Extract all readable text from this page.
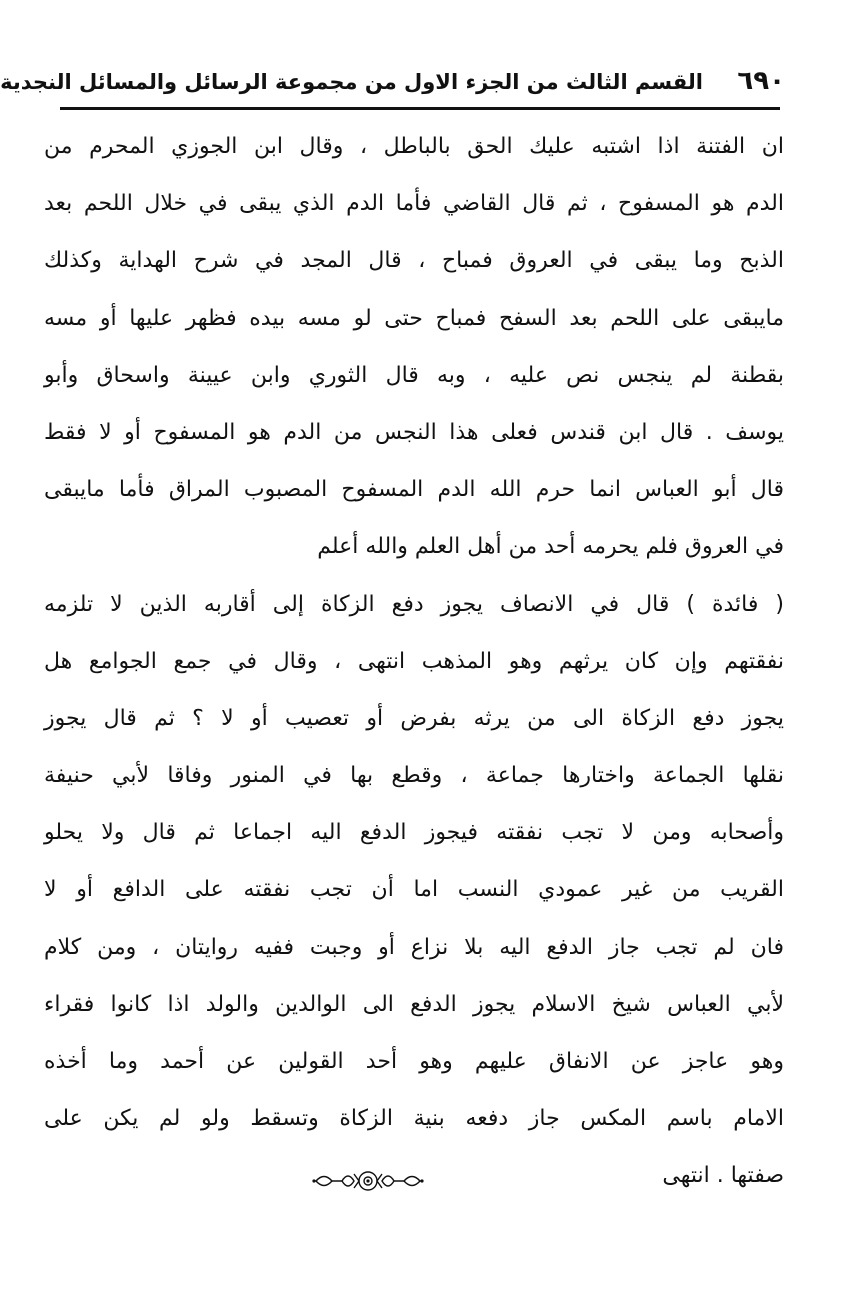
٦٩٠
القسم الثالث من الجزء الاول من مجموعة الرسائل والمسائل النجدية
ان الفتنة اذا اشتبه عليك الحق بالباطل ، وقال ابن الجوزي المحرم من
الدم هو المسفوح ، ثم قال القاضي فأما الدم الذي يبقى في خلال اللحم بعد
الذبح وما يبقى في العروق فمباح ، قال المجد في شرح الهداية وكذلك
مايبقى على اللحم بعد السفح فمباح حتى لو مسه بيده فظهر عليها أو مسه
بقطنة لم ينجس نص عليه ، وبه قال الثوري وابن عيينة واسحاق وأبو
يوسف . قال ابن قندس فعلى هذا النجس من الدم هو المسفوح أو لا فقط
قال أبو العباس انما حرم الله الدم المسفوح المصبوب المراق فأما مايبقى
في العروق فلم يحرمه أحد من أهل العلم والله أعلم
( فائدة ) قال في الانصاف يجوز دفع الزكاة إلى أقاربه الذين لا تلزمه
نفقتهم وإن كان يرثهم وهو المذهب انتهى ، وقال في جمع الجوامع هل
يجوز دفع الزكاة الى من يرثه بفرض أو تعصيب أو لا ؟ ثم قال يجوز
نقلها الجماعة واختارها جماعة ، وقطع بها في المنور وفاقا لأبي حنيفة
وأصحابه ومن لا تجب نفقته فيجوز الدفع اليه اجماعا ثم قال ولا يحلو
القريب من غير عمودي النسب اما أن تجب نفقته على الدافع أو لا
فان لم تجب جاز الدفع اليه بلا نزاع أو وجبت ففيه روايتان ، ومن كلام
لأبي العباس شيخ الاسلام يجوز الدفع الى الوالدين والولد اذا كانوا فقراء
وهو عاجز عن الانفاق عليهم وهو أحد القولين عن أحمد وما أخذه
الامام باسم المكس جاز دفعه بنية الزكاة وتسقط ولو لم يكن على
صفتها . انتهى
